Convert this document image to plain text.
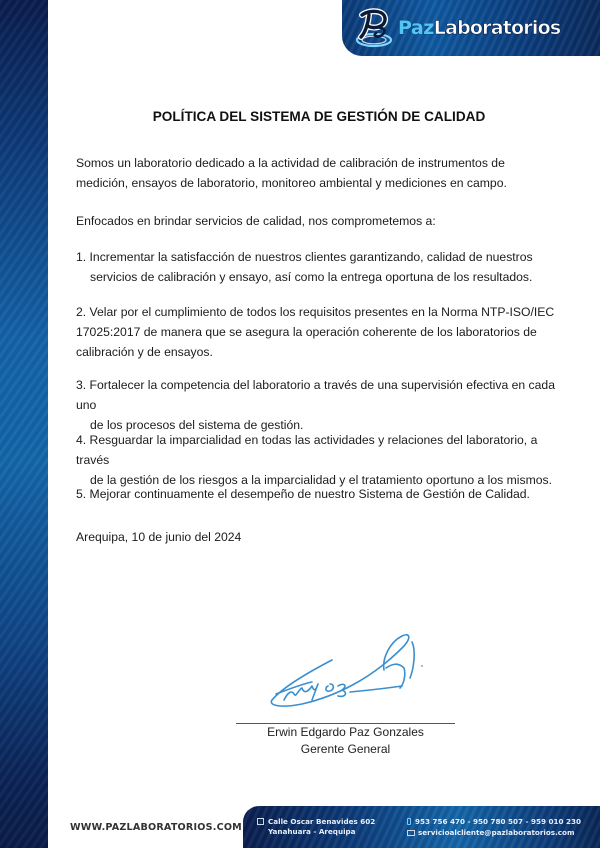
Paz Laboratorios
POLÍTICA DEL SISTEMA DE GESTIÓN DE CALIDAD

Somos un laboratorio dedicado a la actividad de calibración de instrumentos de medición, ensayos de laboratorio, monitoreo ambiental y mediciones en campo.

Enfocados en brindar servicios de calidad, nos comprometemos a:

1. Incrementar la satisfacción de nuestros clientes garantizando, calidad de nuestros
servicios de calibración y ensayo, así como la entrega oportuna de los resultados.
2. Velar por el cumplimiento de todos los requisitos presentes en la Norma NTP-ISO/IEC 17025:2017 de manera que se asegura la operación coherente de los laboratorios de calibración y de ensayos.
3. Fortalecer la competencia del laboratorio a través de una supervisión efectiva en cada uno
de los procesos del sistema de gestión.
4. Resguardar la imparcialidad en todas las actividades y relaciones del laboratorio, a través
de la gestión de los riesgos a la imparcialidad y el tratamiento oportuno a los mismos.
5. Mejorar continuamente el desempeño de nuestro Sistema de Gestión de Calidad.

Arequipa, 10 de junio del 2024

Erwin Edgardo Paz Gonzales
Gerente General
WWW.PAZLABORATORIOS.COM
Calle Oscar Benavides 602
Yanahuara - Arequipa
953 756 470 - 950 780 507 - 959 010 230
servicioalcliente@pazlaboratorios.com
